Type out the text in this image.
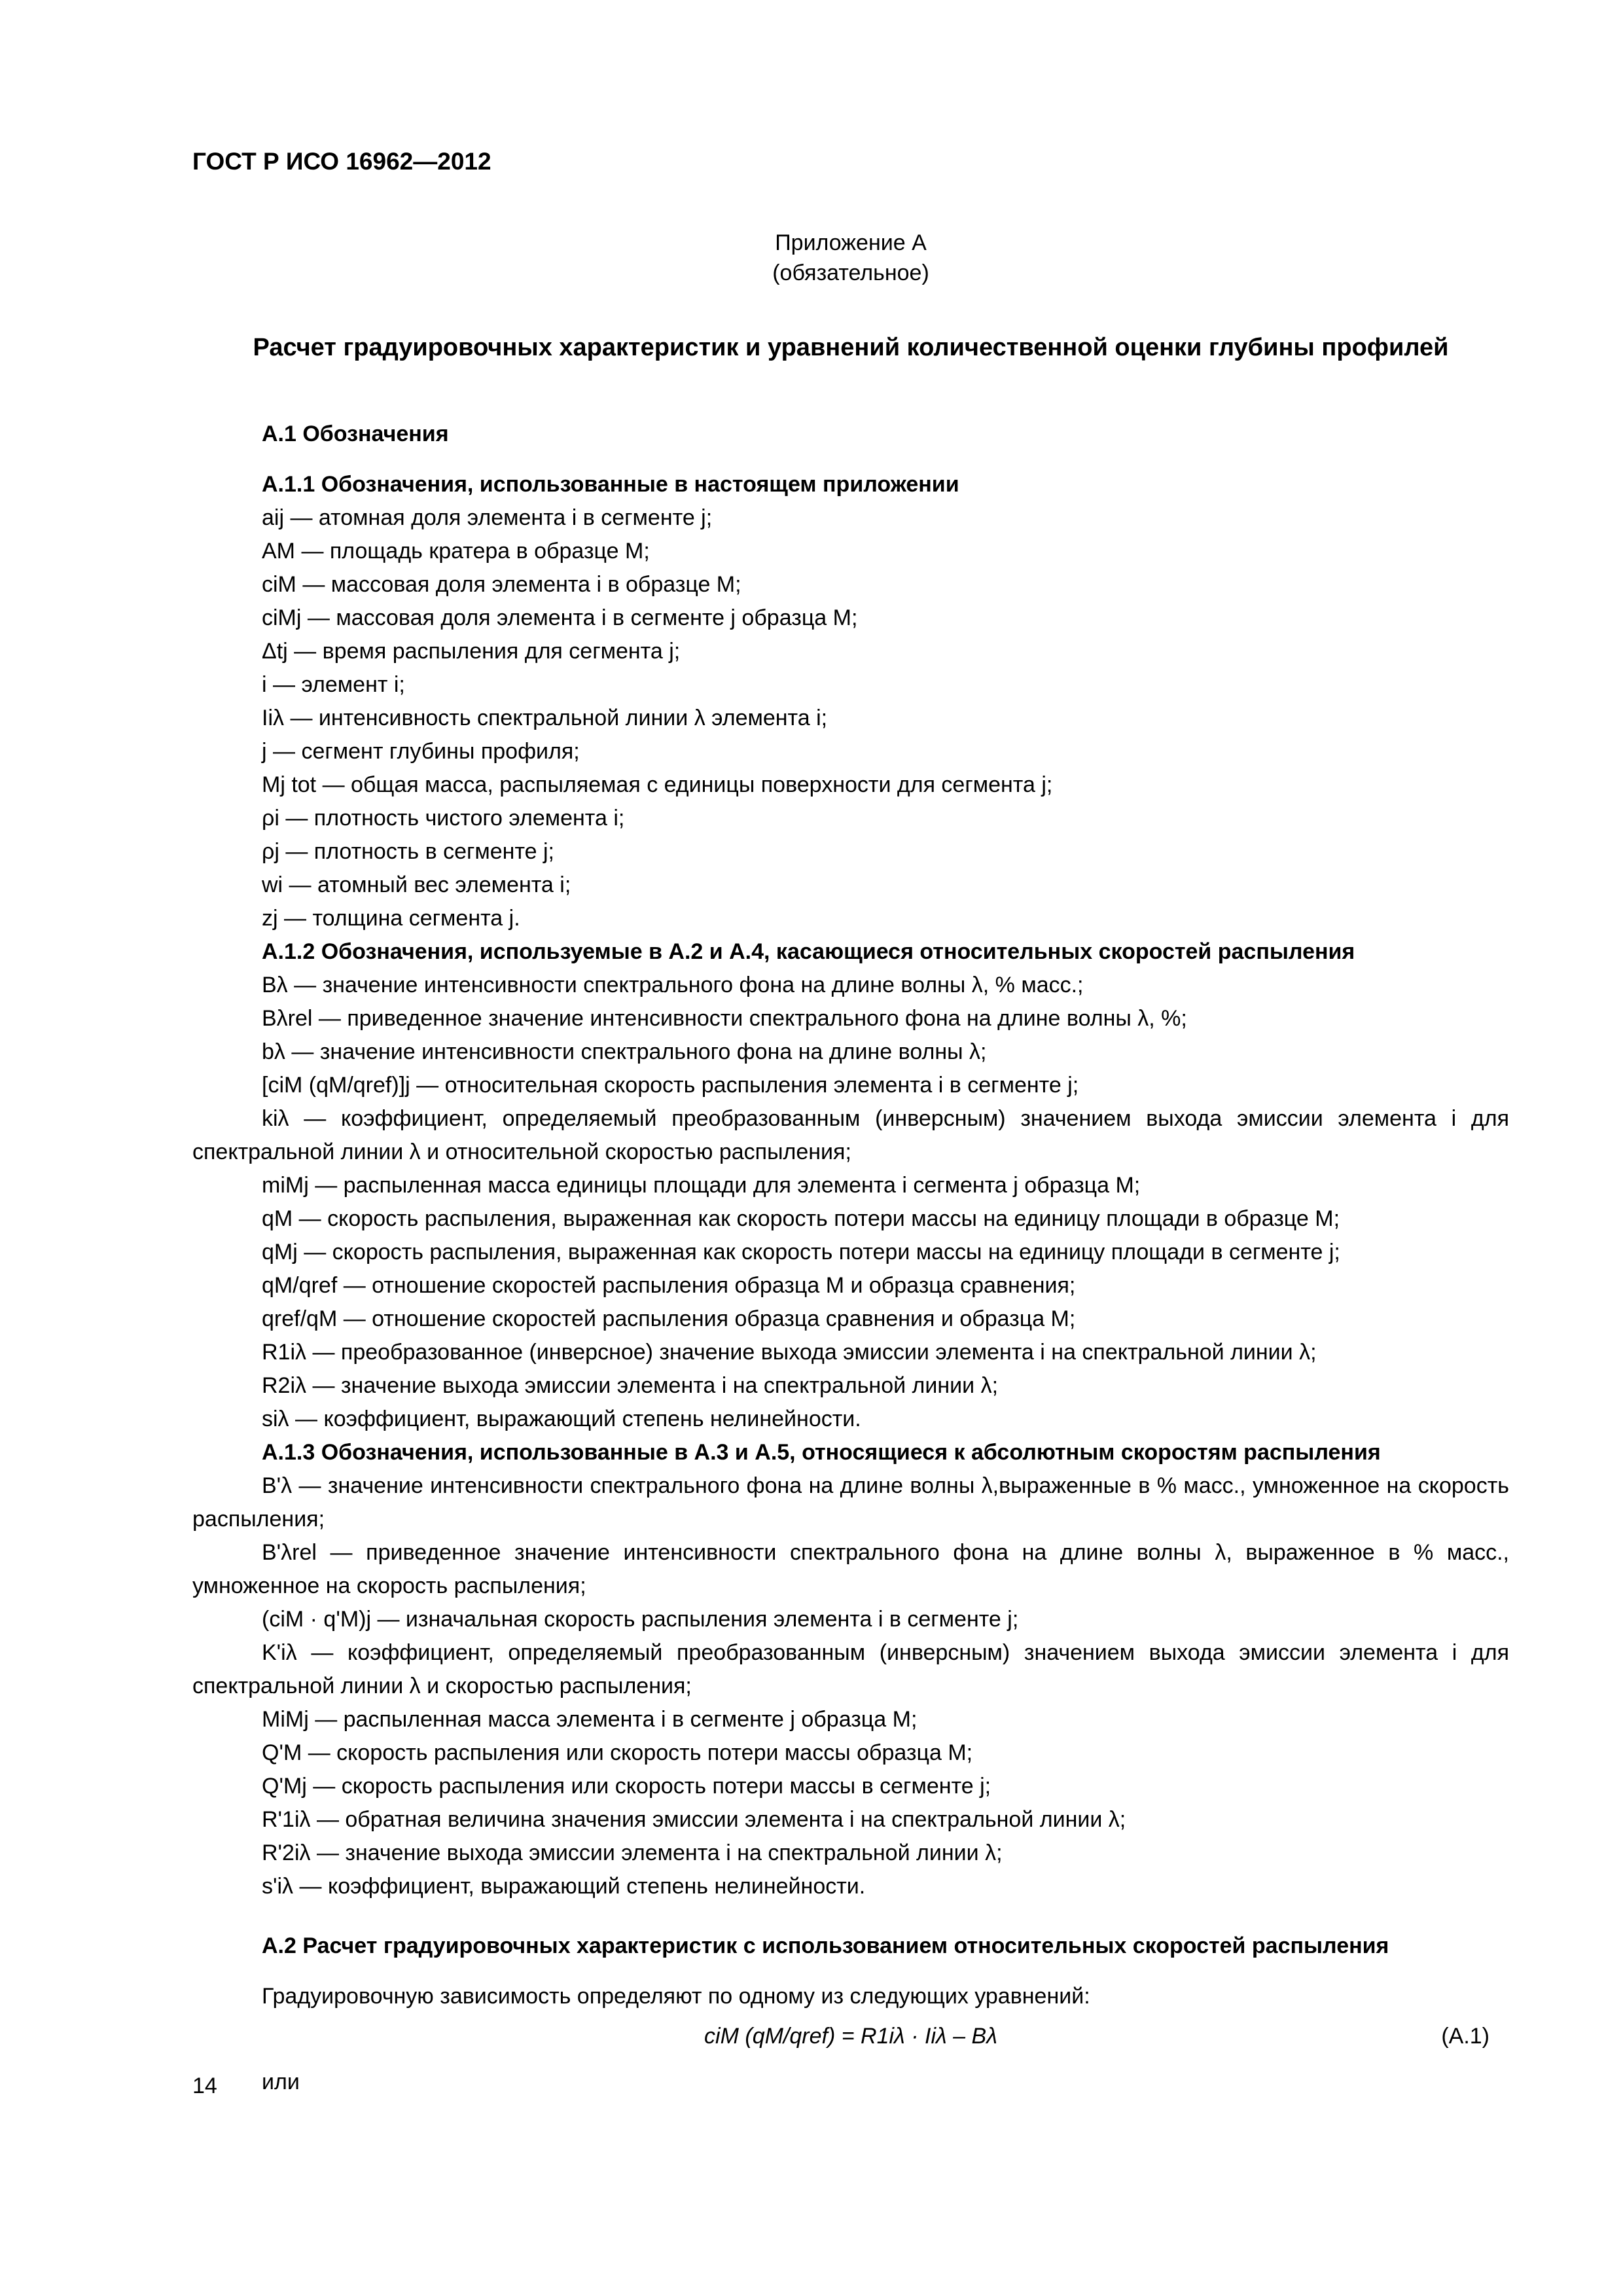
ГОСТ Р ИСО 16962—2012

Приложение А
(обязательное)

Расчет градуировочных характеристик и уравнений количественной оценки глубины профилей

А.1 Обозначения

А.1.1 Обозначения, использованные в настоящем приложении

aij — атомная доля элемента i в сегменте j;

AM — площадь кратера в образце M;

ciM — массовая доля элемента i в образце M;

ciMj — массовая доля элемента i в сегменте j образца M;

Δtj — время распыления для сегмента j;

i — элемент i;

Iiλ — интенсивность спектральной линии λ элемента i;

j — сегмент глубины профиля;

Mj tot — общая масса, распыляемая с единицы поверхности для сегмента j;

ρi — плотность чистого элемента i;

ρj — плотность в сегменте j;

wi — атомный вес элемента i;

zj — толщина сегмента j.

А.1.2 Обозначения, используемые в А.2 и А.4, касающиеся относительных скоростей распыления

Bλ — значение интенсивности спектрального фона на длине волны λ, % масс.;

Bλrel — приведенное значение интенсивности спектрального фона на длине волны λ, %;

bλ — значение интенсивности спектрального фона на длине волны λ;

[ciM (qM/qref)]j — относительная скорость распыления элемента i в сегменте j;

kiλ — коэффициент, определяемый преобразованным (инверсным) значением выхода эмиссии элемента i для спектральной линии λ и относительной скоростью распыления;

miMj — распыленная масса единицы площади для элемента i сегмента j образца M;

qM — скорость распыления, выраженная как скорость потери массы на единицу площади в образце M;

qMj — скорость распыления, выраженная как скорость потери массы на единицу площади в сегменте j;

qM/qref — отношение скоростей распыления образца M и образца сравнения;

qref/qM — отношение скоростей распыления образца сравнения и образца M;

R1iλ — преобразованное (инверсное) значение выхода эмиссии элемента i на спектральной линии λ;

R2iλ — значение выхода эмиссии элемента i на спектральной линии λ;

siλ — коэффициент, выражающий степень нелинейности.

А.1.3 Обозначения, использованные в А.3 и А.5, относящиеся к абсолютным скоростям распыления

B'λ — значение интенсивности спектрального фона на длине волны λ,выраженные в % масс., умноженное на скорость распыления;

B'λrel — приведенное значение интенсивности спектрального фона на длине волны λ, выраженное в % масс., умноженное на скорость распыления;

(ciM · q'M)j — изначальная скорость распыления элемента i в сегменте j;

K'iλ — коэффициент, определяемый преобразованным (инверсным) значением выхода эмиссии элемента i для спектральной линии λ и скоростью распыления;

MiMj — распыленная масса элемента i в сегменте j образца M;

Q'M — скорость распыления или скорость потери массы образца M;

Q'Mj — скорость распыления или скорость потери массы в сегменте j;

R'1iλ — обратная величина значения эмиссии элемента i на спектральной линии λ;

R'2iλ — значение выхода эмиссии элемента i на спектральной линии λ;

s'iλ — коэффициент, выражающий степень нелинейности.

А.2 Расчет градуировочных характеристик с использованием относительных скоростей распыления

Градуировочную зависимость определяют по одному из следующих уравнений:

ciM (qM/qref) = R1iλ · Iiλ – Bλ	(А.1)

или

14
